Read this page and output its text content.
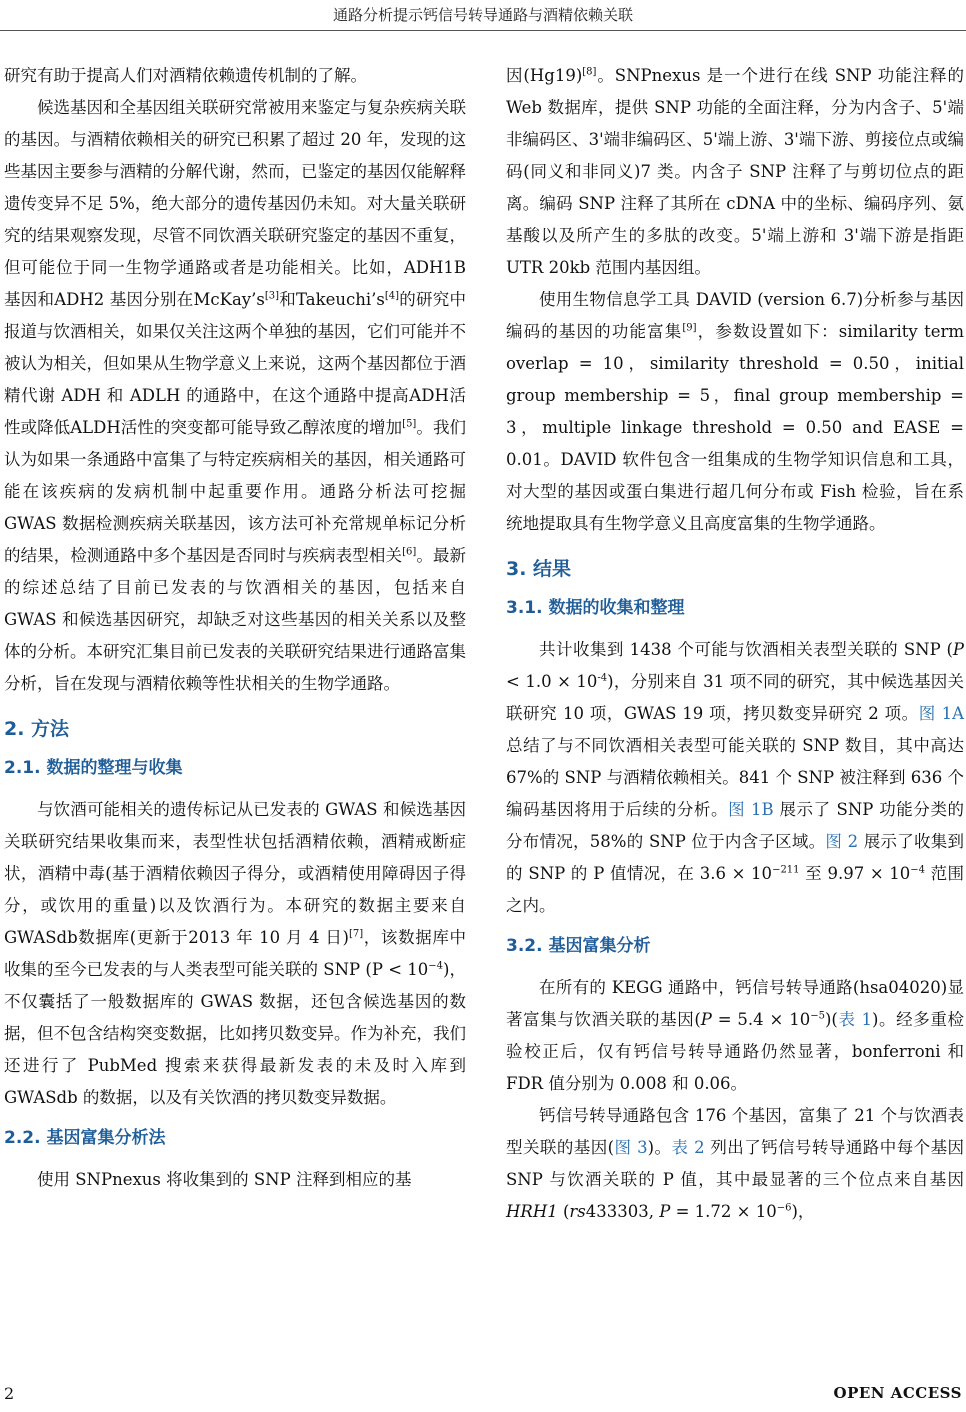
通路分析提示钙信号转导通路与酒精依赖关联

研究有助于提高人们对酒精依赖遗传机制的了解。

候选基因和全基因组关联研究常被用来鉴定与复杂疾病关联的基因。与酒精依赖相关的研究已积累了超过 20 年，发现的这些基因主要参与酒精的分解代谢，然而，已鉴定的基因仅能解释遗传变异不足 5%，绝大部分的遗传基因仍未知。对大量关联研究的结果观察发现，尽管不同饮酒关联研究鉴定的基因不重复，但可能位于同一生物学通路或者是功能相关。比如，ADH1B 基因和ADH2 基因分别在McKay’s[3]和Takeuchi’s[4]的研究中报道与饮酒相关，如果仅关注这两个单独的基因，它们可能并不被认为相关，但如果从生物学意义上来说，这两个基因都位于酒精代谢 ADH 和 ADLH 的通路中，在这个通路中提高ADH活性或降低ALDH活性的突变都可能导致乙醇浓度的增加[5]。我们认为如果一条通路中富集了与特定疾病相关的基因，相关通路可能在该疾病的发病机制中起重要作用。通路分析法可挖掘 GWAS 数据检测疾病关联基因，该方法可补充常规单标记分析的结果，检测通路中多个基因是否同时与疾病表型相关[6]。最新的综述总结了目前已发表的与饮酒相关的基因，包括来自 GWAS 和候选基因研究，却缺乏对这些基因的相关关系以及整体的分析。本研究汇集目前已发表的关联研究结果进行通路富集分析，旨在发现与酒精依赖等性状相关的生物学通路。

2. 方法
2.1. 数据的整理与收集

与饮酒可能相关的遗传标记从已发表的 GWAS 和候选基因关联研究结果收集而来，表型性状包括酒精依赖，酒精戒断症状，酒精中毒(基于酒精依赖因子得分，或酒精使用障碍因子得分，或饮用的重量)以及饮酒行为。本研究的数据主要来自GWASdb数据库(更新于2013 年 10 月 4 日)[7]，该数据库中收集的至今已发表的与人类表型可能关联的 SNP $(P < 10^{-4})$，不仅囊括了一般数据库的 GWAS 数据，还包含候选基因的数据，但不包含结构突变数据，比如拷贝数变异。作为补充，我们还进行了 PubMed 搜索来获得最新发表的未及时入库到 GWASdb 的数据，以及有关饮酒的拷贝数变异数据。

2.2. 基因富集分析法

使用 SNPnexus 将收集到的 SNP 注释到相应的基

因(Hg19)[8]。SNPnexus 是一个进行在线 SNP 功能注释的 Web 数据库，提供 SNP 功能的全面注释，分为内含子、5'端非编码区、3'端非编码区、5'端上游、3'端下游、剪接位点或编码(同义和非同义)7 类。内含子 SNP 注释了与剪切位点的距离。编码 SNP 注释了其所在 cDNA 中的坐标、编码序列、氨基酸以及所产生的多肽的改变。5'端上游和 3'端下游是指距 UTR 20kb 范围内基因组。

使用生物信息学工具 DAVID (version 6.7)分析参与基因编码的基因的功能富集[9]，参数设置如下：similarity term overlap = 10，similarity threshold = 0.50，initial group membership = 5，final group membership = 3，multiple linkage threshold = 0.50 and EASE = 0.01。DAVID 软件包含一组集成的生物学知识信息和工具，对大型的基因或蛋白集进行超几何分布或 Fish 检验，旨在系统地提取具有生物学意义且高度富集的生物学通路。

3. 结果
3.1. 数据的收集和整理

共计收集到 1438 个可能与饮酒相关表型关联的 SNP $(P < 1.0 \times 10^{-4})$，分别来自 31 项不同的研究，其中候选基因关联研究 10 项，GWAS 19 项，拷贝数变异研究 2 项。图 1A 总结了与不同饮酒相关表型可能关联的 SNP 数目，其中高达 67%的 SNP 与酒精依赖相关。841 个 SNP 被注释到 636 个编码基因将用于后续的分析。图 1B 展示了 SNP 功能分类的分布情况，58%的 SNP 位于内含子区域。图 2 展示了收集到的 SNP 的 P 值情况，在 $3.6 \times 10^{-211}$ 至 $9.97 \times 10^{-4}$ 范围之内。

3.2. 基因富集分析

在所有的 KEGG 通路中，钙信号转导通路(hsa04020)显著富集与饮酒关联的基因$(P = 5.4 \times 10^{-5})$(表 1)。经多重检验校正后，仅有钙信号转导通路仍然显著，bonferroni 和 FDR 值分别为 0.008 和 0.06。

钙信号转导通路包含 176 个基因，富集了 21 个与饮酒表型关联的基因(图 3)。表 2 列出了钙信号转导通路中每个基因 SNP 与饮酒关联的 P 值，其中最显著的三个位点来自基因 HRH1 (rs433303, $P = 1.72 \times 10^{-6}$)，

2	OPEN ACCESS
